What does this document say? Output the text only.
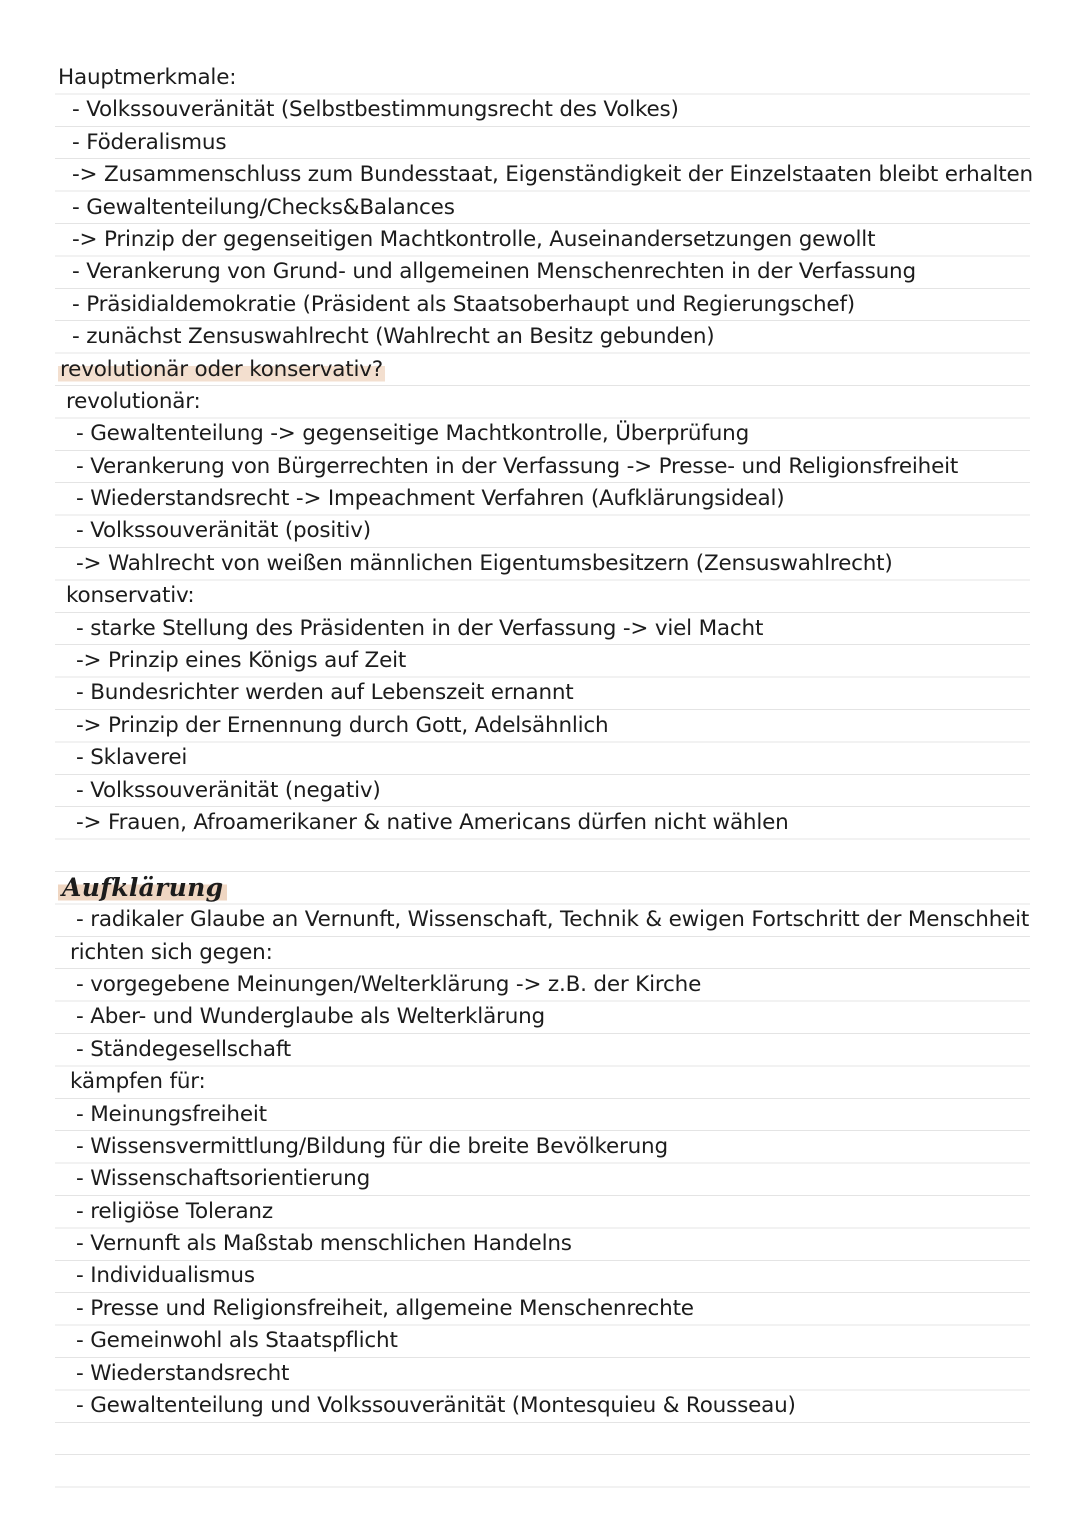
Hauptmerkmale:
- Volkssouveränität (Selbstbestimmungsrecht des Volkes)
- Föderalismus
-> Zusammenschluss zum Bundesstaat, Eigenständigkeit der Einzelstaaten bleibt erhalten
- Gewaltenteilung/Checks&Balances
-> Prinzip der gegenseitigen Machtkontrolle, Auseinandersetzungen gewollt
- Verankerung von Grund- und allgemeinen Menschenrechten in der Verfassung
- Präsidialdemokratie (Präsident als Staatsoberhaupt und Regierungschef)
- zunächst Zensuswahlrecht (Wahlrecht an Besitz gebunden)
revolutionär oder konservativ?
revolutionär:
- Gewaltenteilung -> gegenseitige Machtkontrolle, Überprüfung
- Verankerung von Bürgerrechten in der Verfassung -> Presse- und Religionsfreiheit
- Wiederstandsrecht -> Impeachment Verfahren (Aufklärungsideal)
- Volkssouveränität (positiv)
-> Wahlrecht von weißen männlichen Eigentumsbesitzern (Zensuswahlrecht)
konservativ:
- starke Stellung des Präsidenten in der Verfassung -> viel Macht
-> Prinzip eines Königs auf Zeit
- Bundesrichter werden auf Lebenszeit ernannt
-> Prinzip der Ernennung durch Gott, Adelsähnlich
- Sklaverei
- Volkssouveränität (negativ)
-> Frauen, Afroamerikaner & native Americans dürfen nicht wählen
Aufklärung
- radikaler Glaube an Vernunft, Wissenschaft, Technik & ewigen Fortschritt der Menschheit
richten sich gegen:
- vorgegebene Meinungen/Welterklärung -> z.B. der Kirche
- Aber- und Wunderglaube als Welterklärung
- Ständegesellschaft
kämpfen für:
- Meinungsfreiheit
- Wissensvermittlung/Bildung für die breite Bevölkerung
- Wissenschaftsorientierung
- religiöse Toleranz
- Vernunft als Maßstab menschlichen Handelns
- Individualismus
- Presse und Religionsfreiheit, allgemeine Menschenrechte
- Gemeinwohl als Staatspflicht
- Wiederstandsrecht
- Gewaltenteilung und Volkssouveränität (Montesquieu & Rousseau)
